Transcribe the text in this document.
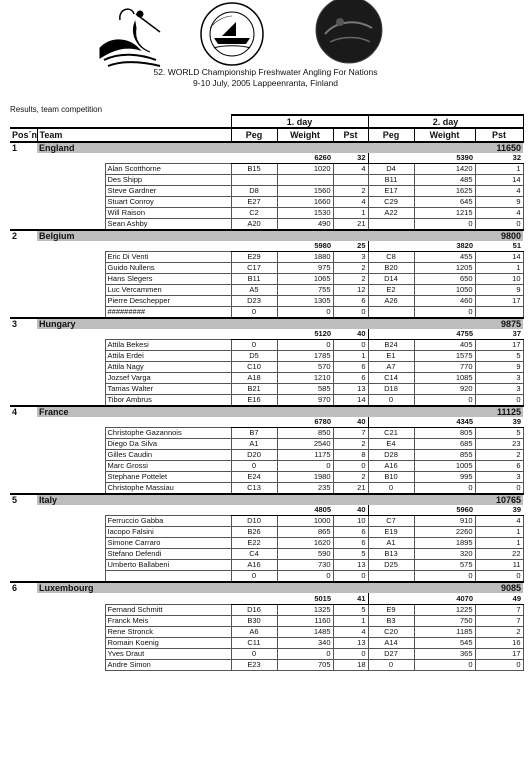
52. WORLD Championship Freshwater Angling For Nations
9-10 July, 2005 Lappeenranta, Finland
Results, team competition
			1. day			2. day			
Pos´n	Team		Peg	Weight	Pst	Peg	Weight	Pst	
1	England							11650	
				6260	32		5390	32	
		Alan Scotthorne	B15	1020	4	D4	1420	1	
		Des Shipp				B11	485	14	
		Steve Gardner	D8	1560	2	E17	1625	4	
		Stuart Conroy	E27	1660	4	C29	645	9	
		Will Raison	C2	1530	1	A22	1215	4	
		Sean Ashby	A20	490	21		0	0	
2	Belgium							9800	
				5980	25		3820	51	
		Eric Di Venti	E29	1880	3	C8	455	14	
		Guido Nullens	C17	975	2	B20	1205	1	
		Hans Slegers	B11	1065	2	D14	650	10	
		Luc Vercammen	A5	755	12	E2	1050	9	
		Pierre Deschepper	D23	1305	6	A26	460	17	
		#########	0	0	0		0		
3	Hungary							9875	
				5120	40		4755	37	
		Attila Bekesi	0	0	0	B24	405	17	
		Attila Erdei	D5	1785	1	E1	1575	5	
		Attila Nagy	C10	570	6	A7	770	9	
		Jozsef Varga	A18	1210	6	C14	1085	3	
		Tamas Walter	B21	585	13	D18	920	3	
		Tibor Ambrus	E16	970	14	0	0	0	
4	France							11125	
				6780	40		4345	39	
		Christophe Gazannois	B7	850	7	C21	805	5	
		Diego Da Silva	A1	2540	2	E4	685	23	
		Gilles Caudin	D20	1175	8	D28	855	2	
		Marc Grossi	0	0	0	A16	1005	6	
		Stephane Pottelet	E24	1980	2	B10	995	3	
		Christophe Massiau	C13	235	21	0	0	0	
5	Italy							10765	
				4805	40		5960	39	
		Ferruccio Gabba	D10	1000	10	C7	910	4	
		Iacopo Falsini	B26	865	6	E19	2260	1	
		Simone Carraro	E22	1620	6	A1	1895	1	
		Stefano Defendi	C4	590	5	B13	320	22	
		Umberto Ballabeni	A16	730	13	D25	575	11	
			0	0	0		0	0	
6	Luxembourg							9085	
				5015	41		4070	49	
		Fernand Schmitt	D16	1325	5	E9	1225	7	
		Franck Meis	B30	1160	1	B3	750	7	
		Rene Stronck	A6	1485	4	C20	1185	2	
		Romain Koenig	C11	340	13	A14	545	16	
		Yves Draut	0	0	0	D27	365	17	
		Andre Simon	E23	705	18	0	0	0	
